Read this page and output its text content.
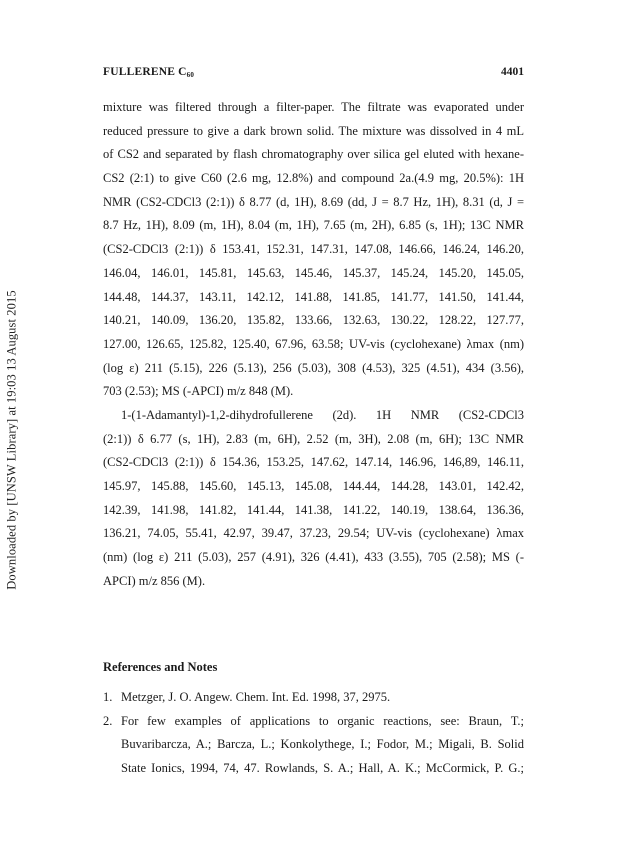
Downloaded by [UNSW Library] at 19:03 13 August 2015
FULLERENE C60	4401
mixture was filtered through a filter-paper. The filtrate was evaporated under
reduced pressure to give a dark brown solid. The mixture was dissolved in 4 mL
of CS2 and separated by flash chromatography over silica gel eluted with hexane-
CS2 (2:1) to give C60 (2.6 mg, 12.8%) and compound 2a.(4.9 mg, 20.5%): 1H
NMR (CS2-CDCl3 (2:1)) δ 8.77 (d, 1H), 8.69 (dd, J = 8.7 Hz, 1H), 8.31 (d, J =
8.7 Hz, 1H), 8.09 (m, 1H), 8.04 (m, 1H), 7.65 (m, 2H), 6.85 (s, 1H); 13C NMR
(CS2-CDCl3 (2:1)) δ 153.41, 152.31, 147.31, 147.08, 146.66, 146.24, 146.20,
146.04, 146.01, 145.81, 145.63, 145.46, 145.37, 145.24, 145.20, 145.05,
144.48, 144.37, 143.11, 142.12, 141.88, 141.85, 141.77, 141.50, 141.44,
140.21, 140.09, 136.20, 135.82, 133.66, 132.63, 130.22, 128.22, 127.77,
127.00, 126.65, 125.82, 125.40, 67.96, 63.58; UV-vis (cyclohexane) λmax (nm)
(log ε) 211 (5.15), 226 (5.13), 256 (5.03), 308 (4.53), 325 (4.51), 434 (3.56),
703 (2.53); MS (-APCI) m/z 848 (M).
1-(1-Adamantyl)-1,2-dihydrofullerene (2d). 1H NMR (CS2-CDCl3
(2:1)) δ 6.77 (s, 1H), 2.83 (m, 6H), 2.52 (m, 3H), 2.08 (m, 6H); 13C NMR
(CS2-CDCl3 (2:1)) δ 154.36, 153.25, 147.62, 147.14, 146.96, 146,89, 146.11,
145.97, 145.88, 145.60, 145.13, 145.08, 144.44, 144.28, 143.01, 142.42,
142.39, 141.98, 141.82, 141.44, 141.38, 141.22, 140.19, 138.64, 136.36,
136.21, 74.05, 55.41, 42.97, 39.47, 37.23, 29.54; UV-vis (cyclohexane) λmax
(nm) (log ε) 211 (5.03), 257 (4.91), 326 (4.41), 433 (3.55), 705 (2.58); MS (-
APCI) m/z 856 (M).
References and Notes
1. Metzger, J. O. Angew. Chem. Int. Ed. 1998, 37, 2975.
2. For few examples of applications to organic reactions, see: Braun, T.;
Buvaribarcza, A.; Barcza, L.; Konkolythege, I.; Fodor, M.; Migali, B. Solid
State Ionics, 1994, 74, 47. Rowlands, S. A.; Hall, A. K.; McCormick, P. G.;
